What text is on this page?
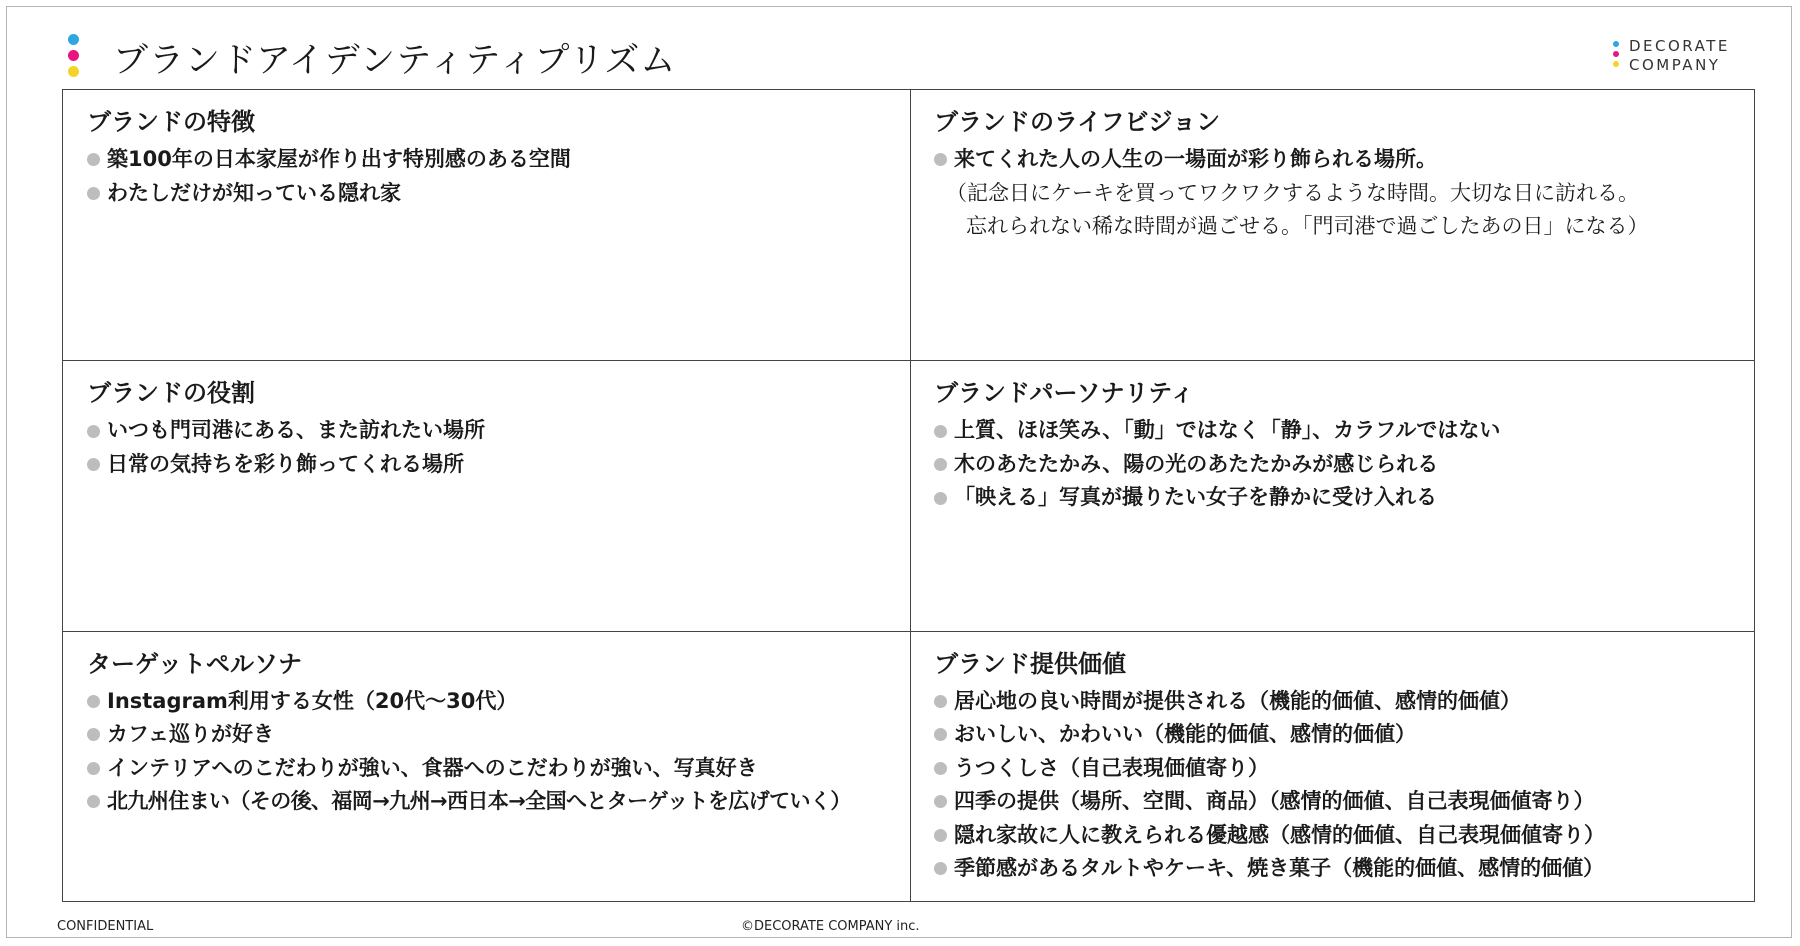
ブランドアイデンティティプリズム	DECORATE
COMPANY
ブランドの特徴
築100年の日本家屋が作り出す特別感のある空間
わたしだけが知っている隠れ家
ブランドのライフビジョン
来てくれた人の人生の一場面が彩り飾られる場所。
（記念日にケーキを買ってワクワクするような時間。大切な日に訪れる。
忘れられない稀な時間が過ごせる。「門司港で過ごしたあの日」になる）
ブランドの役割
いつも門司港にある、また訪れたい場所
日常の気持ちを彩り飾ってくれる場所
ブランドパーソナリティ
上質、ほほ笑み、「動」ではなく「静」、カラフルではない
木のあたたかみ、陽の光のあたたかみが感じられる
「映える」写真が撮りたい女子を静かに受け入れる
ターゲットペルソナ
Instagram利用する女性（20代～30代）
カフェ巡りが好き
インテリアへのこだわりが強い、食器へのこだわりが強い、写真好き
北九州住まい（その後、福岡→九州→西日本→全国へとターゲットを広げていく）
ブランド提供価値
居心地の良い時間が提供される（機能的価値、感情的価値）
おいしい、かわいい（機能的価値、感情的価値）
うつくしさ（自己表現価値寄り）
四季の提供（場所、空間、商品）（感情的価値、自己表現価値寄り）
隠れ家故に人に教えられる優越感（感情的価値、自己表現価値寄り）
季節感があるタルトやケーキ、焼き菓子（機能的価値、感情的価値）
CONFIDENTIAL	©DECORATE COMPANY inc.
